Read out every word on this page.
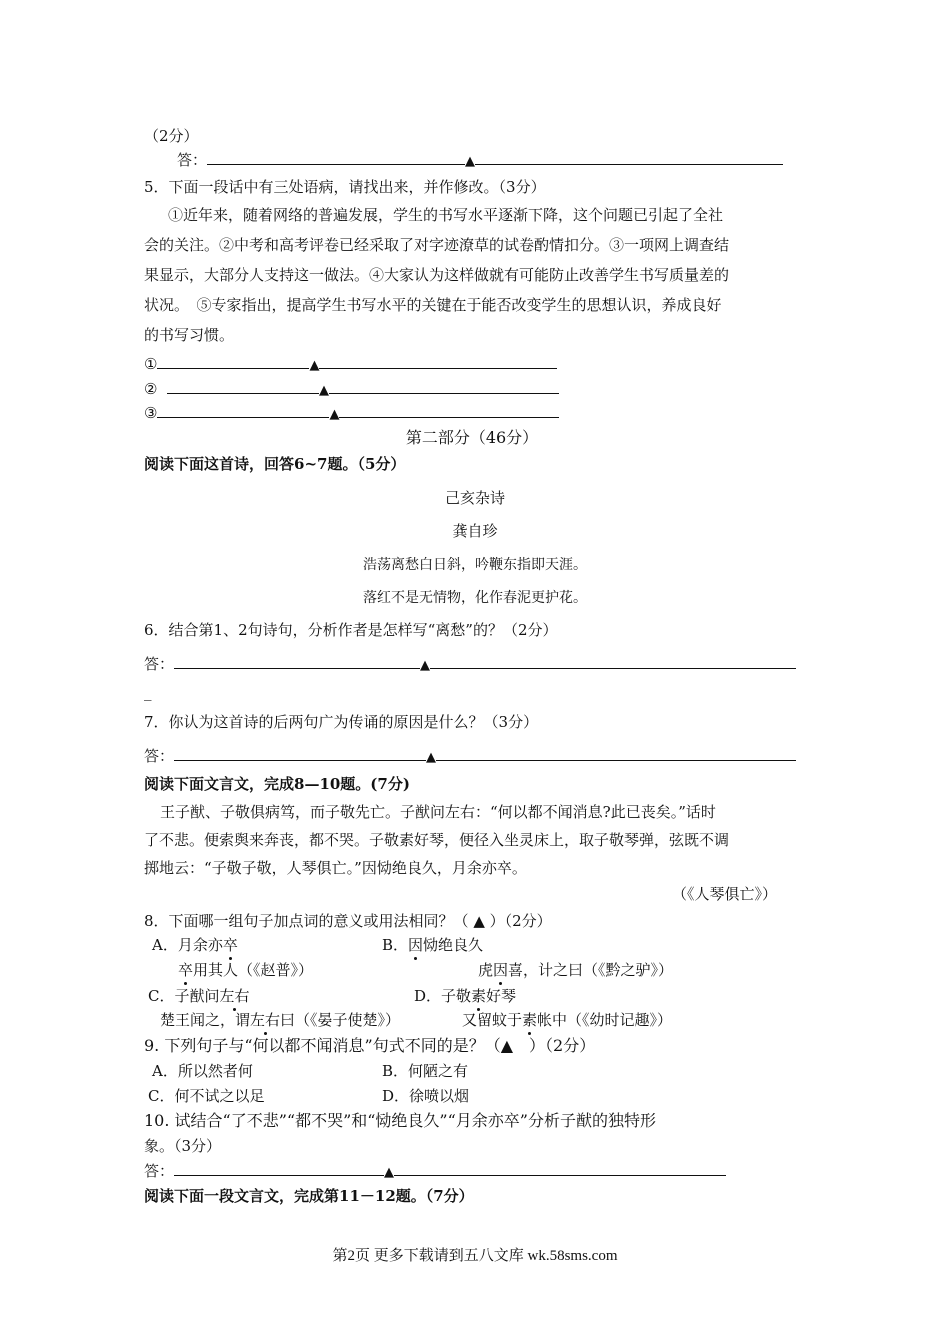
（2分）
答：	▲
5．下面一段话中有三处语病，请找出来，并作修改。（3分）
①近年来，随着网络的普遍发展，学生的书写水平逐渐下降，这个问题已引起了全社
会的关注。②中考和高考评卷已经采取了对字迹潦草的试卷酌情扣分。③一项网上调查结
果显示，大部分人支持这一做法。④大家认为这样做就有可能防止改善学生书写质量差的
状况。　⑤专家指出，提高学生书写水平的关键在于能否改变学生的思想认识，养成良好
的书写习惯。
①	▲
②	▲
③	▲
第二部分（46分）
阅读下面这首诗，回答6~7题。（5分）
己亥杂诗
龚自珍
浩荡离愁白日斜，吟鞭东指即天涯。
落红不是无情物，化作春泥更护花。
6．结合第1、2句诗句，分析作者是怎样写“离愁”的？（2分）
答：	▲
_
7．你认为这首诗的后两句广为传诵的原因是什么？（3分）
答：	▲
阅读下面文言文，完成8—10题。(7分)
王子猷、子敬俱病笃，而子敬先亡。子猷问左右：“何以都不闻消息?此已丧矣。”话时
了不悲。便索舆来奔丧，都不哭。子敬素好琴，便径入坐灵床上，取子敬琴弹，弦既不调
掷地云：“子敬子敬，人琴俱亡。”因恸绝良久，月余亦卒。
（《人琴俱亡》）
8．下面哪一组句子加点词的意义或用法相同？（ ▲ ）（2分）
A．月余亦卒	B．因恸绝良久
卒用其人（《赵普》）	虎因喜，计之曰（《黔之驴》）
C．子猷问左右	D．子敬素好琴
楚王闻之，谓左右曰（《晏子使楚》）	又留蚊于素帐中（《幼时记趣》）
9. 下列句子与“何以都不闻消息”句式不同的是？（▲　）（2分）
A．所以然者何	B．何陋之有
C．何不试之以足	D．徐喷以烟
10. 试结合“了不悲”“都不哭”和“恸绝良久”“月余亦卒”分析子猷的独特形
象。（3分）
答：	▲
阅读下面一段文言文，完成第11－12题。（7分）
第2页 更多下载请到五八文库 wk.58sms.com
